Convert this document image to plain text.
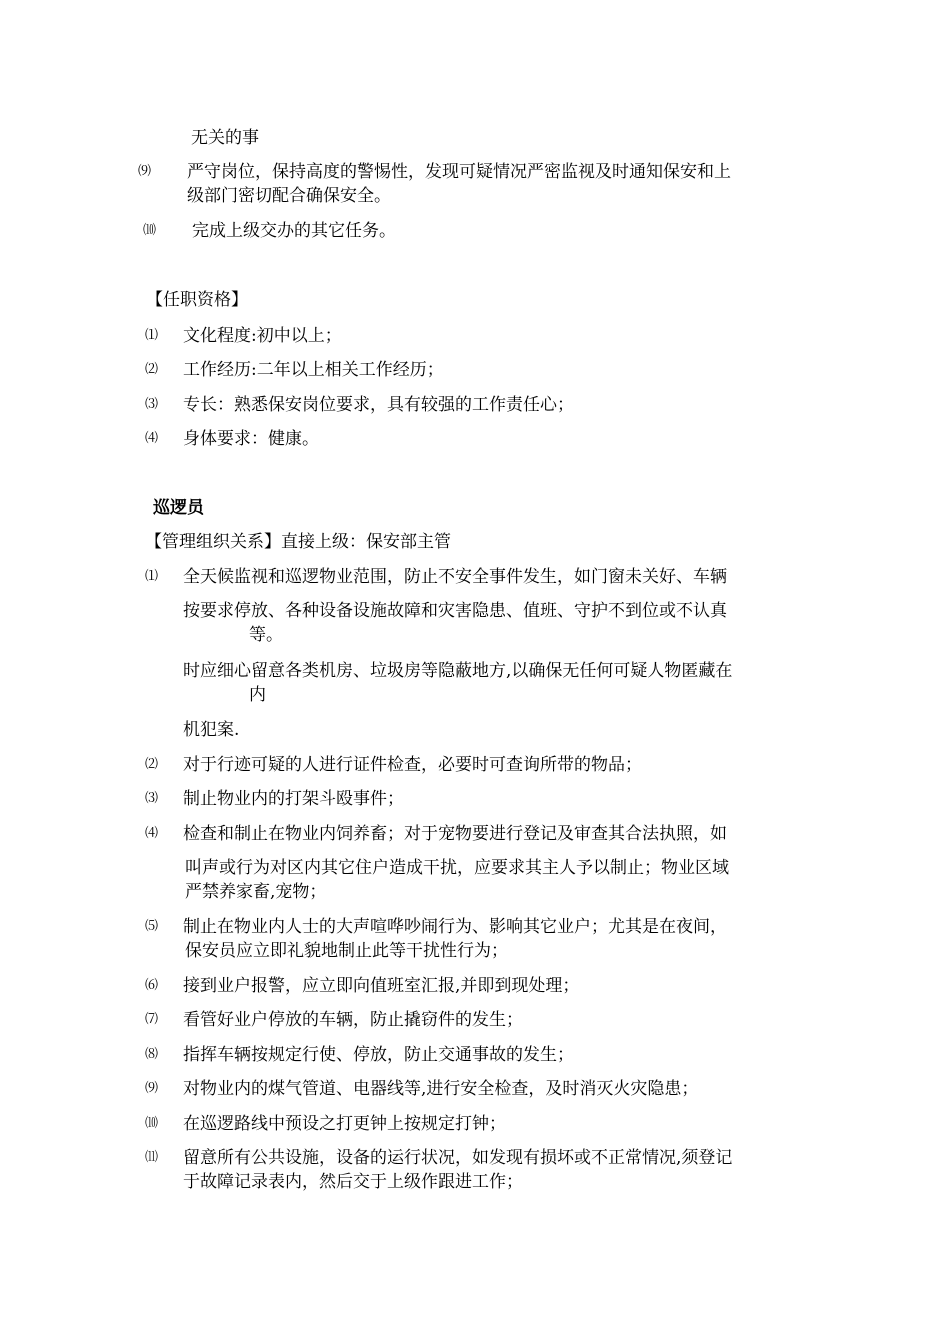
无关的事
⑼ 严守岗位，保持高度的警惕性，发现可疑情况严密监视及时通知保安和上
级部门密切配合确保安全。
⑽ 完成上级交办的其它任务。
【任职资格】
⑴ 文化程度:初中以上；
⑵ 工作经历:二年以上相关工作经历；
⑶ 专长：熟悉保安岗位要求，具有较强的工作责任心；
⑷ 身体要求：健康。
巡逻员
【管理组织关系】直接上级：保安部主管
⑴ 全天候监视和巡逻物业范围，防止不安全事件发生，如门窗未关好、车辆
按要求停放、各种设备设施故障和灾害隐患、值班、守护不到位或不认真
等。
时应细心留意各类机房、垃圾房等隐蔽地方,以确保无任何可疑人物匿藏在
内
机犯案.
⑵ 对于行迹可疑的人进行证件检查，必要时可查询所带的物品；
⑶ 制止物业内的打架斗殴事件；
⑷ 检查和制止在物业内饲养畜；对于宠物要进行登记及审查其合法执照，如
叫声或行为对区内其它住户造成干扰，应要求其主人予以制止；物业区域
严禁养家畜,宠物；
⑸ 制止在物业内人士的大声喧哗吵闹行为、影响其它业户；尤其是在夜间，
保安员应立即礼貌地制止此等干扰性行为；
⑹ 接到业户报警，应立即向值班室汇报,并即到现处理；
⑺ 看管好业户停放的车辆，防止撬窃件的发生；
⑻ 指挥车辆按规定行使、停放，防止交通事故的发生；
⑼ 对物业内的煤气管道、电器线等,进行安全检查，及时消灭火灾隐患；
⑽ 在巡逻路线中预设之打更钟上按规定打钟；
⑾ 留意所有公共设施，设备的运行状况，如发现有损坏或不正常情况,须登记
于故障记录表内，然后交于上级作跟进工作；
